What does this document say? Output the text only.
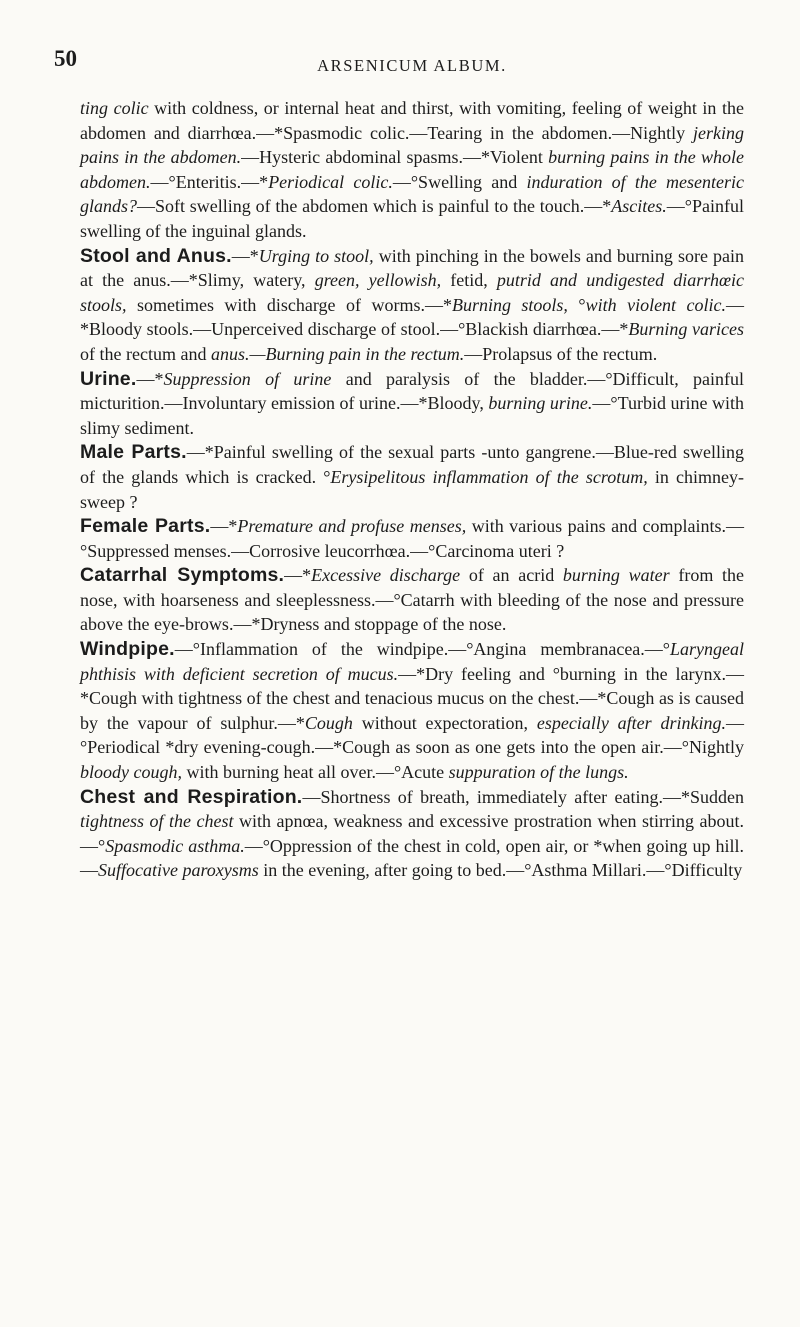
50	ARSENICUM ALBUM.

ting colic with coldness, or internal heat and thirst, with vomiting, feeling of weight in the abdomen and diarrhœa.—*Spasmodic colic.—Tearing in the abdomen.—Nightly jerking pains in the abdomen.—Hysteric abdominal spasms.—*Violent burning pains in the whole abdomen.—°Enteritis.—*Periodical colic.—°Swelling and induration of the mesenteric glands?—Soft swelling of the abdomen which is painful to the touch.—*Ascites.—°Painful swelling of the inguinal glands.

Stool and Anus.—*Urging to stool, with pinching in the bowels and burning sore pain at the anus.—*Slimy, watery, green, yellowish, fetid, putrid and undigested diarrhœic stools, sometimes with discharge of worms.—*Burning stools, °with violent colic.—*Bloody stools.—Unperceived discharge of stool.—°Blackish diarrhœa.—*Burning varices of the rectum and anus.—Burning pain in the rectum.—Prolapsus of the rectum.

Urine.—*Suppression of urine and paralysis of the bladder.—°Difficult, painful micturition.—Involuntary emission of urine.—*Bloody, burning urine.—°Turbid urine with slimy sediment.

Male Parts.—*Painful swelling of the sexual parts -unto gangrene.—Blue-red swelling of the glands which is cracked. °Erysipelitous inflammation of the scrotum, in chimney-sweep ?

Female Parts.—*Premature and profuse menses, with various pains and complaints.—°Suppressed menses.—Corrosive leucorrhœa.—°Carcinoma uteri ?

Catarrhal Symptoms.—*Excessive discharge of an acrid burning water from the nose, with hoarseness and sleeplessness.—°Catarrh with bleeding of the nose and pressure above the eye-brows.—*Dryness and stoppage of the nose.

Windpipe.—°Inflammation of the windpipe.—°Angina membranacea.—°Laryngeal phthisis with deficient secretion of mucus.—*Dry feeling and °burning in the larynx.—*Cough with tightness of the chest and tenacious mucus on the chest.—*Cough as is caused by the vapour of sulphur.—*Cough without expectoration, especially after drinking.—°Periodical *dry evening-cough.—*Cough as soon as one gets into the open air.—°Nightly bloody cough, with burning heat all over.—°Acute suppuration of the lungs.

Chest and Respiration.—Shortness of breath, immediately after eating.—*Sudden tightness of the chest with apnœa, weakness and excessive prostration when stirring about.—°Spasmodic asthma.—°Oppression of the chest in cold, open air, or *when going up hill.—Suffocative paroxysms in the evening, after going to bed.—°Asthma Millari.—°Difficulty
